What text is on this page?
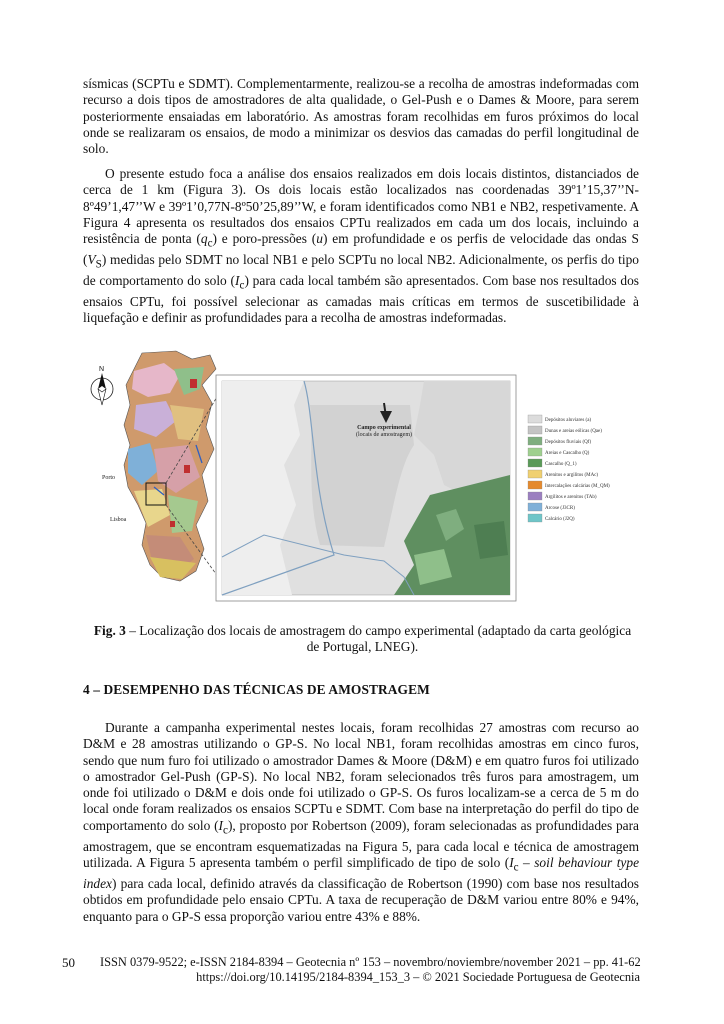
sísmicas (SCPTu e SDMT). Complementarmente, realizou-se a recolha de amostras indeformadas com recurso a dois tipos de amostradores de alta qualidade, o Gel-Push e o Dames & Moore, para serem posteriormente ensaiadas em laboratório. As amostras foram recolhidas em furos próximos do local onde se realizaram os ensaios, de modo a minimizar os desvios das camadas do perfil longitudinal de solo.

O presente estudo foca a análise dos ensaios realizados em dois locais distintos, distanciados de cerca de 1 km (Figura 3). Os dois locais estão localizados nas coordenadas 39º1’15,37’’N-8º49’1,47’’W e 39º1’0,77N-8º50’25,89’’W, e foram identificados como NB1 e NB2, respetivamente. A Figura 4 apresenta os resultados dos ensaios CPTu realizados em cada um dos locais, incluindo a resistência de ponta $(q_c)$ e poro-pressões (u) em profundidade e os perfis de velocidade das ondas S $(V_S)$ medidas pelo SDMT no local NB1 e pelo SCPTu no local NB2. Adicionalmente, os perfis do tipo de comportamento do solo $(I_c)$ para cada local também são apresentados. Com base nos resultados dos ensaios CPTu, foi possível selecionar as camadas mais críticas em termos de suscetibilidade à liquefação e definir as profundidades para a recolha de amostras indeformadas.

Porto
Lisboa
N
Campo experimental
(locais de amostragem)
Depósitos aluviares (a)
Dunas e areias eólicas (Qae)
Depósitos fluviais (Qf)
Areias e Cascalho (Q)
Cascalho (Q_1)
Arenitos e argilitos (MAc)
Intercalações calcárias (M_QM)
Argilitos e arenitos (TAb)
Arcose (J3CR)
Calcário (J2Q)
Fig. 3 – Localização dos locais de amostragem do campo experimental (adaptado da carta geológica de Portugal, LNEG).
4 – DESEMPENHO DAS TÉCNICAS DE AMOSTRAGEM

Durante a campanha experimental nestes locais, foram recolhidas 27 amostras com recurso ao D&M e 28 amostras utilizando o GP-S. No local NB1, foram recolhidas amostras em cinco furos, sendo que num furo foi utilizado o amostrador Dames & Moore (D&M) e em quatro furos foi utilizado o amostrador Gel-Push (GP-S). No local NB2, foram selecionados três furos para amostragem, um onde foi utilizado o D&M e dois onde foi utilizado o GP-S. Os furos localizam-se a cerca de 5 m do local onde foram realizados os ensaios SCPTu e SDMT. Com base na interpretação do perfil do tipo de comportamento do solo $(I_c)$, proposto por Robertson (2009), foram selecionadas as profundidades para amostragem, que se encontram esquematizadas na Figura 5, para cada local e técnica de amostragem utilizada. A Figura 5 apresenta também o perfil simplificado de tipo de solo ($I_c$ – soil behaviour type index) para cada local, definido através da classificação de Robertson (1990) com base nos resultados obtidos em profundidade pelo ensaio CPTu. A taxa de recuperação de D&M variou entre 80% e 94%, enquanto para o GP-S essa proporção variou entre 43% e 88%.

50 ISSN 0379-9522; e-ISSN 2184-8394 – Geotecnia nº 153 – novembro/noviembre/november 2021 – pp. 41-62
https://doi.org/10.14195/2184-8394_153_3 – © 2021 Sociedade Portuguesa de Geotecnia
